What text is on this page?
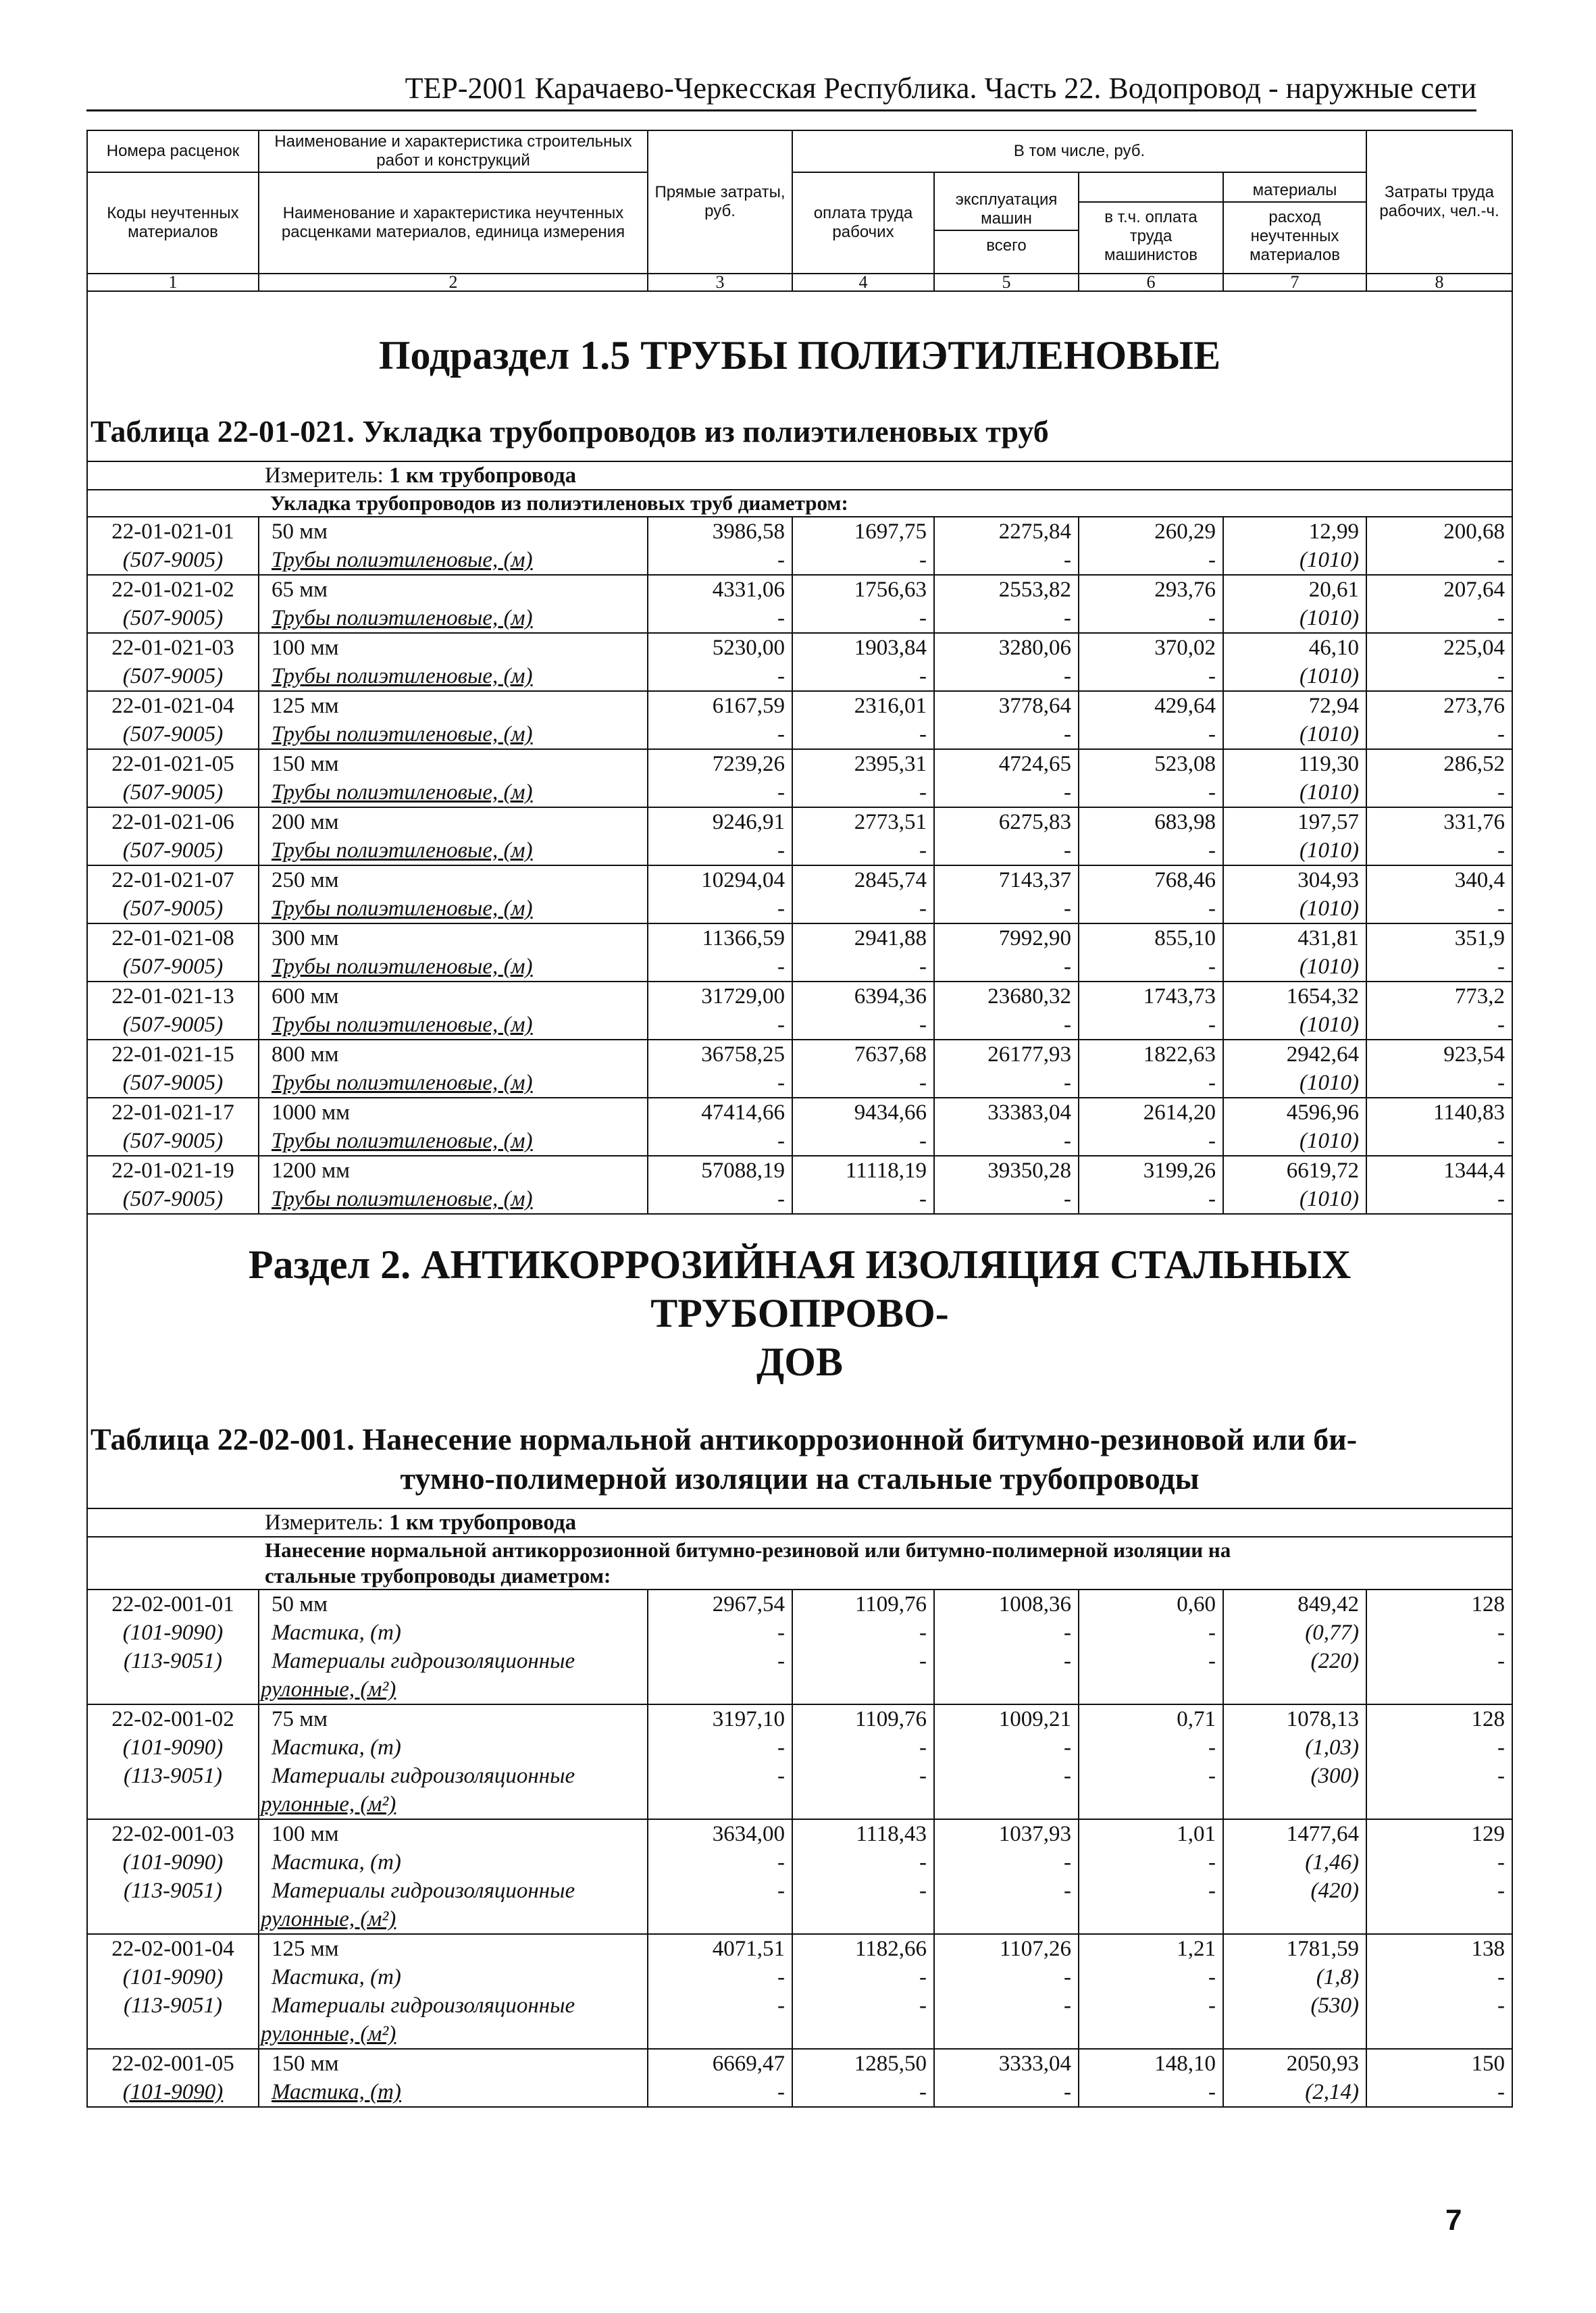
ТЕР-2001 Карачаево-Черкесская Республика. Часть 22. Водопровод - наружные сети
Номера расценок	Наименование и характеристика строительных работ и конструкций	Прямые затраты, руб.	В том числе, руб.				Затраты труда рабочих, чел.-ч.
Коды неучтенных материалов	Наименование и характеристика неучтенных расценками материалов, единица измерения		оплата труда рабочих	эксплуатация машин
всего	в т.ч. оплата труда машинистов	материалы
расход неучтенных материалов	
1	2	3	4	5	6	7	8
Подраздел 1.5 ТРУБЫ ПОЛИЭТИЛЕНОВЫЕ							
Таблица 22-01-021. Укладка трубопроводов из полиэтиленовых труб							
Измеритель: 1 км трубопровода							
Укладка трубопроводов из полиэтиленовых труб диаметром:							
22-01-021-01	50 мм	3986,58	1697,75	2275,84	260,29	12,99	200,68
(507-9005)	Трубы полиэтиленовые, (м)	-	-	-	-	(1010)	-
22-01-021-02	65 мм	4331,06	1756,63	2553,82	293,76	20,61	207,64
(507-9005)	Трубы полиэтиленовые, (м)	-	-	-	-	(1010)	-
22-01-021-03	100 мм	5230,00	1903,84	3280,06	370,02	46,10	225,04
(507-9005)	Трубы полиэтиленовые, (м)	-	-	-	-	(1010)	-
22-01-021-04	125 мм	6167,59	2316,01	3778,64	429,64	72,94	273,76
(507-9005)	Трубы полиэтиленовые, (м)	-	-	-	-	(1010)	-
22-01-021-05	150 мм	7239,26	2395,31	4724,65	523,08	119,30	286,52
(507-9005)	Трубы полиэтиленовые, (м)	-	-	-	-	(1010)	-
22-01-021-06	200 мм	9246,91	2773,51	6275,83	683,98	197,57	331,76
(507-9005)	Трубы полиэтиленовые, (м)	-	-	-	-	(1010)	-
22-01-021-07	250 мм	10294,04	2845,74	7143,37	768,46	304,93	340,4
(507-9005)	Трубы полиэтиленовые, (м)	-	-	-	-	(1010)	-
22-01-021-08	300 мм	11366,59	2941,88	7992,90	855,10	431,81	351,9
(507-9005)	Трубы полиэтиленовые, (м)	-	-	-	-	(1010)	-
22-01-021-13	600 мм	31729,00	6394,36	23680,32	1743,73	1654,32	773,2
(507-9005)	Трубы полиэтиленовые, (м)	-	-	-	-	(1010)	-
22-01-021-15	800 мм	36758,25	7637,68	26177,93	1822,63	2942,64	923,54
(507-9005)	Трубы полиэтиленовые, (м)	-	-	-	-	(1010)	-
22-01-021-17	1000 мм	47414,66	9434,66	33383,04	2614,20	4596,96	1140,83
(507-9005)	Трубы полиэтиленовые, (м)	-	-	-	-	(1010)	-
22-01-021-19	1200 мм	57088,19	11118,19	39350,28	3199,26	6619,72	1344,4
(507-9005)	Трубы полиэтиленовые, (м)	-	-	-	-	(1010)	-

Раздел 2. АНТИКОРРОЗИЙНАЯ ИЗОЛЯЦИЯ СТАЛЬНЫХ ТРУБОПРОВО-
ДОВ							

Таблица 22-02-001. Нанесение нормальной антикоррозионной битумно-резиновой или би-
тумно-полимерной изоляции на стальные трубопроводы							

Измеритель: 1 км трубопровода							

Нанесение нормальной антикоррозионной битумно-резиновой или битумно-полимерной изоляции на
стальные трубопроводы диаметром:							

22-02-001-01	50 мм	2967,54	1109,76	1008,36	0,60	849,42	128
(101-9090)	Мастика, (т)	-	-	-	-	(0,77)	-
(113-9051)	Материалы гидроизоляционные	-	-	-	-	(220)	-
	рулонные, (м²)						
22-02-001-02	75 мм	3197,10	1109,76	1009,21	0,71	1078,13	128
(101-9090)	Мастика, (т)	-	-	-	-	(1,03)	-
(113-9051)	Материалы гидроизоляционные	-	-	-	-	(300)	-
	рулонные, (м²)						
22-02-001-03	100 мм	3634,00	1118,43	1037,93	1,01	1477,64	129
(101-9090)	Мастика, (т)	-	-	-	-	(1,46)	-
(113-9051)	Материалы гидроизоляционные	-	-	-	-	(420)	-
	рулонные, (м²)						
22-02-001-04	125 мм	4071,51	1182,66	1107,26	1,21	1781,59	138
(101-9090)	Мастика, (т)	-	-	-	-	(1,8)	-
(113-9051)	Материалы гидроизоляционные	-	-	-	-	(530)	-
	рулонные, (м²)						
22-02-001-05	150 мм	6669,47	1285,50	3333,04	148,10	2050,93	150
(101-9090)	Мастика, (т)	-	-	-	-	(2,14)	-
7
